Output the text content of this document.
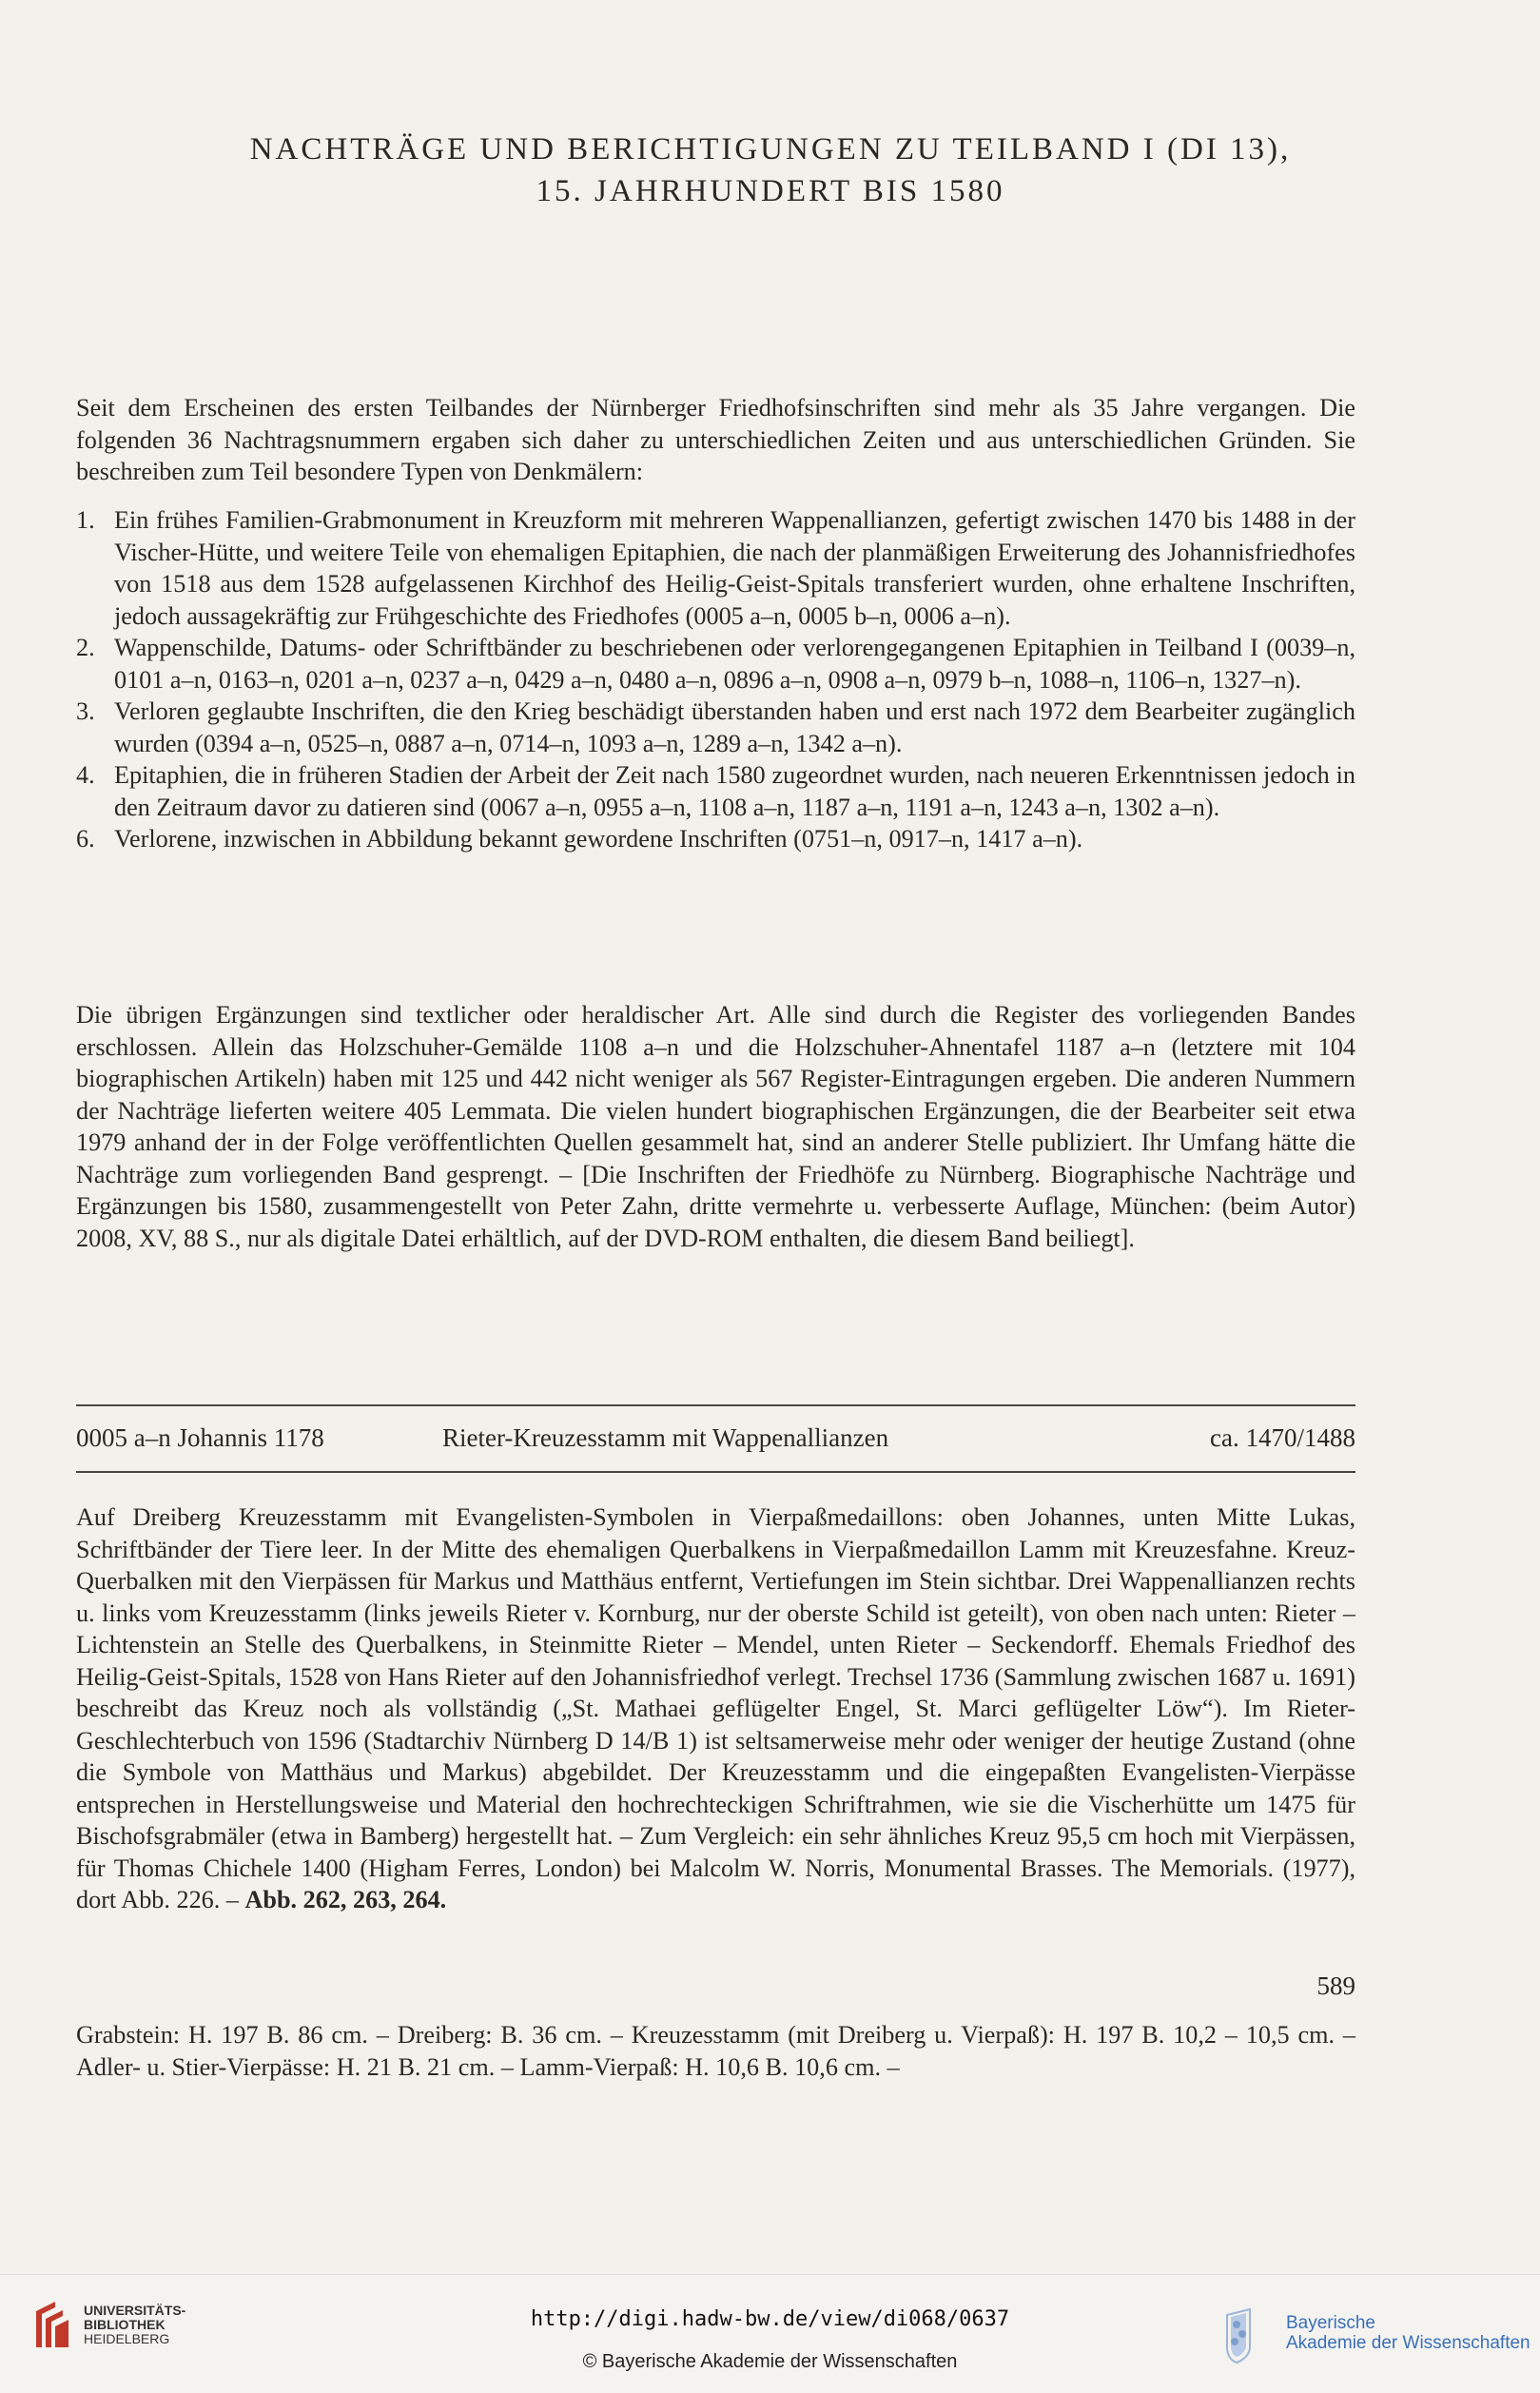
NACHTRÄGE UND BERICHTIGUNGEN ZU TEILBAND I (DI 13),
15. JAHRHUNDERT BIS 1580
Seit dem Erscheinen des ersten Teilbandes der Nürnberger Friedhofsinschriften sind mehr als 35 Jahre vergangen. Die folgenden 36 Nachtragsnummern ergaben sich daher zu unterschiedlichen Zeiten und aus unterschiedlichen Gründen. Sie beschreiben zum Teil besondere Typen von Denkmälern:
1. Ein frühes Familien-Grabmonument in Kreuzform mit mehreren Wappenallianzen, gefertigt zwischen 1470 bis 1488 in der Vischer-Hütte, und weitere Teile von ehemaligen Epitaphien, die nach der planmäßigen Erweiterung des Johannisfriedhofes von 1518 aus dem 1528 aufgelassenen Kirchhof des Heilig-Geist-Spitals transferiert wurden, ohne erhaltene Inschriften, jedoch aussagekräftig zur Frühgeschichte des Friedhofes (0005 a–n, 0005 b–n, 0006 a–n).
2. Wappenschilde, Datums- oder Schriftbänder zu beschriebenen oder verlorengegangenen Epitaphien in Teilband I (0039–n, 0101 a–n, 0163–n, 0201 a–n, 0237 a–n, 0429 a–n, 0480 a–n, 0896 a–n, 0908 a–n, 0979 b–n, 1088–n, 1106–n, 1327–n).
3. Verloren geglaubte Inschriften, die den Krieg beschädigt überstanden haben und erst nach 1972 dem Bearbeiter zugänglich wurden (0394 a–n, 0525–n, 0887 a–n, 0714–n, 1093 a–n, 1289 a–n, 1342 a–n).
4. Epitaphien, die in früheren Stadien der Arbeit der Zeit nach 1580 zugeordnet wurden, nach neueren Erkenntnissen jedoch in den Zeitraum davor zu datieren sind (0067 a–n, 0955 a–n, 1108 a–n, 1187 a–n, 1191 a–n, 1243 a–n, 1302 a–n).
6. Verlorene, inzwischen in Abbildung bekannt gewordene Inschriften (0751–n, 0917–n, 1417 a–n).
Die übrigen Ergänzungen sind textlicher oder heraldischer Art. Alle sind durch die Register des vorliegenden Bandes erschlossen. Allein das Holzschuher-Gemälde 1108 a–n und die Holzschuher-Ahnentafel 1187 a–n (letztere mit 104 biographischen Artikeln) haben mit 125 und 442 nicht weniger als 567 Register-Eintragungen ergeben. Die anderen Nummern der Nachträge lieferten weitere 405 Lemmata. Die vielen hundert biographischen Ergänzungen, die der Bearbeiter seit etwa 1979 anhand der in der Folge veröffentlichten Quellen gesammelt hat, sind an anderer Stelle publiziert. Ihr Umfang hätte die Nachträge zum vorliegenden Band gesprengt. – [Die Inschriften der Friedhöfe zu Nürnberg. Biographische Nachträge und Ergänzungen bis 1580, zusammengestellt von Peter Zahn, dritte vermehrte u. verbesserte Auflage, München: (beim Autor) 2008, XV, 88 S., nur als digitale Datei erhältlich, auf der DVD-ROM enthalten, die diesem Band beiliegt].
0005 a–n Johannis 1178	Rieter-Kreuzesstamm mit Wappenallianzen	ca. 1470/1488
Auf Dreiberg Kreuzesstamm mit Evangelisten-Symbolen in Vierpaßmedaillons: oben Johannes, unten Mitte Lukas, Schriftbänder der Tiere leer. In der Mitte des ehemaligen Querbalkens in Vierpaßmedaillon Lamm mit Kreuzesfahne. Kreuz-Querbalken mit den Vierpässen für Markus und Matthäus entfernt, Vertiefungen im Stein sichtbar. Drei Wappenallianzen rechts u. links vom Kreuzesstamm (links jeweils Rieter v. Kornburg, nur der oberste Schild ist geteilt), von oben nach unten: Rieter – Lichtenstein an Stelle des Querbalkens, in Steinmitte Rieter – Mendel, unten Rieter – Seckendorff. Ehemals Friedhof des Heilig-Geist-Spitals, 1528 von Hans Rieter auf den Johannisfriedhof verlegt. Trechsel 1736 (Sammlung zwischen 1687 u. 1691) beschreibt das Kreuz noch als vollständig („St. Mathaei geflügelter Engel, St. Marci geflügelter Löw“). Im Rieter-Geschlechterbuch von 1596 (Stadtarchiv Nürnberg D 14/B 1) ist seltsamerweise mehr oder weniger der heutige Zustand (ohne die Symbole von Matthäus und Markus) abgebildet. Der Kreuzesstamm und die eingepaßten Evangelisten-Vierpässe entsprechen in Herstellungsweise und Material den hochrechteckigen Schriftrahmen, wie sie die Vischerhütte um 1475 für Bischofsgrabmäler (etwa in Bamberg) hergestellt hat. – Zum Vergleich: ein sehr ähnliches Kreuz 95,5 cm hoch mit Vierpässen, für Thomas Chichele 1400 (Higham Ferres, London) bei Malcolm W. Norris, Monumental Brasses. The Memorials. (1977), dort Abb. 226. – Abb. 262, 263, 264.
Grabstein: H. 197 B. 86 cm. – Dreiberg: B. 36 cm. – Kreuzesstamm (mit Dreiberg u. Vierpaß): H. 197 B. 10,2 – 10,5 cm. – Adler- u. Stier-Vierpässe: H. 21 B. 21 cm. – Lamm-Vierpaß: H. 10,6 B. 10,6 cm. –
589
UNIVERSITÄTS-
BIBLIOTHEK
HEIDELBERG
http://digi.hadw-bw.de/view/di068/0637
© Bayerische Akademie der Wissenschaften
Bayerische
Akademie der Wissenschaften
